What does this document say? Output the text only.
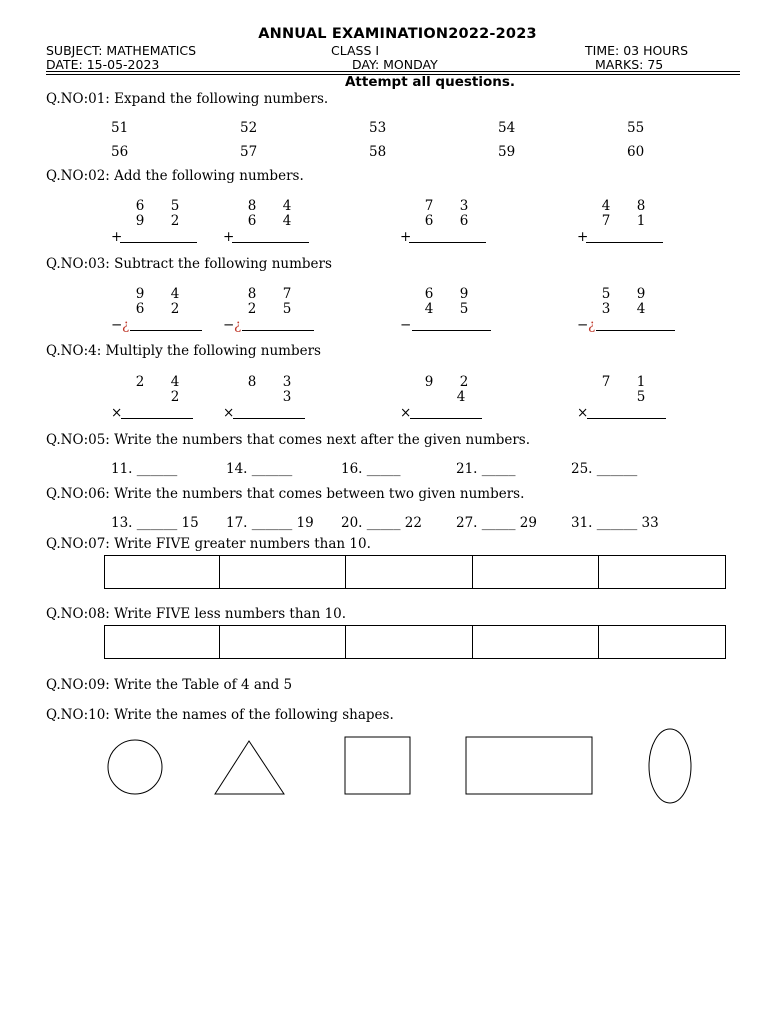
ANNUAL EXAMINATION2022-2023
SUBJECT: MATHEMATICS	CLASS I	TIME: 03 HOURS
DATE: 15-05-2023	DAY: MONDAY	MARKS: 75
Attempt all questions.
Q.NO:01: Expand the following numbers.
51	52	53	54	55
56	57	58	59	60
Q.NO:02: Add the following numbers.
6 5
9 2
+
8 4
6 4
+
7 3
6 6
+
4 8
7 1
+
Q.NO:03: Subtract the following numbers
9 4
6 2
− ¿
8 7
2 5
− ¿
6 9
4 5
−
5 9
3 4
− ¿
Q.NO:4: Multiply the following numbers
2 4
2
×
8 3
3
×
9 2
4
×
7 1
5
×
Q.NO:05: Write the numbers that comes next after the given numbers.
11. ______	14. ______	16. _____	21. _____	25. ______
Q.NO:06: Write the numbers that comes between two given numbers.
13. ______ 15 17. ______ 19 20. _____ 22	27. _____ 29	31. ______ 33
Q.NO:07: Write FIVE greater numbers than 10.

Q.NO:08: Write FIVE less numbers than 10.

Q.NO:09: Write the Table of 4 and 5
Q.NO:10: Write the names of the following shapes.
